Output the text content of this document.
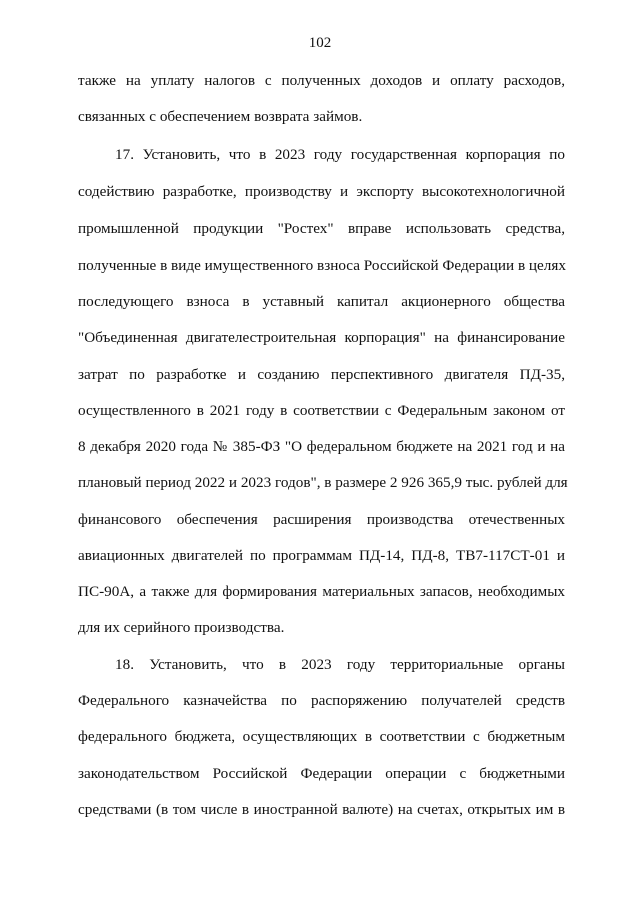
102
также на уплату налогов с полученных доходов и оплату расходов,
связанных с обеспечением возврата займов.
17. Установить, что в 2023 году государственная корпорация по
содействию разработке, производству и экспорту высокотехнологичной
промышленной продукции "Ростех" вправе использовать средства,
полученные в виде имущественного взноса Российской Федерации в целях
последующего взноса в уставный капитал акционерного общества
"Объединенная двигателестроительная корпорация" на финансирование
затрат по разработке и созданию перспективного двигателя ПД-35,
осуществленного в 2021 году в соответствии с Федеральным законом от
8 декабря 2020 года № 385-ФЗ "О федеральном бюджете на 2021 год и на
плановый период 2022 и 2023 годов", в размере 2 926 365,9 тыс. рублей для
финансового обеспечения расширения производства отечественных
авиационных двигателей по программам ПД-14, ПД-8, ТВ7-117СТ-01 и
ПС-90А, а также для формирования материальных запасов, необходимых
для их серийного производства.
18. Установить, что в 2023 году территориальные органы
Федерального казначейства по распоряжению получателей средств
федерального бюджета, осуществляющих в соответствии с бюджетным
законодательством Российской Федерации операции с бюджетными
средствами (в том числе в иностранной валюте) на счетах, открытых им в
